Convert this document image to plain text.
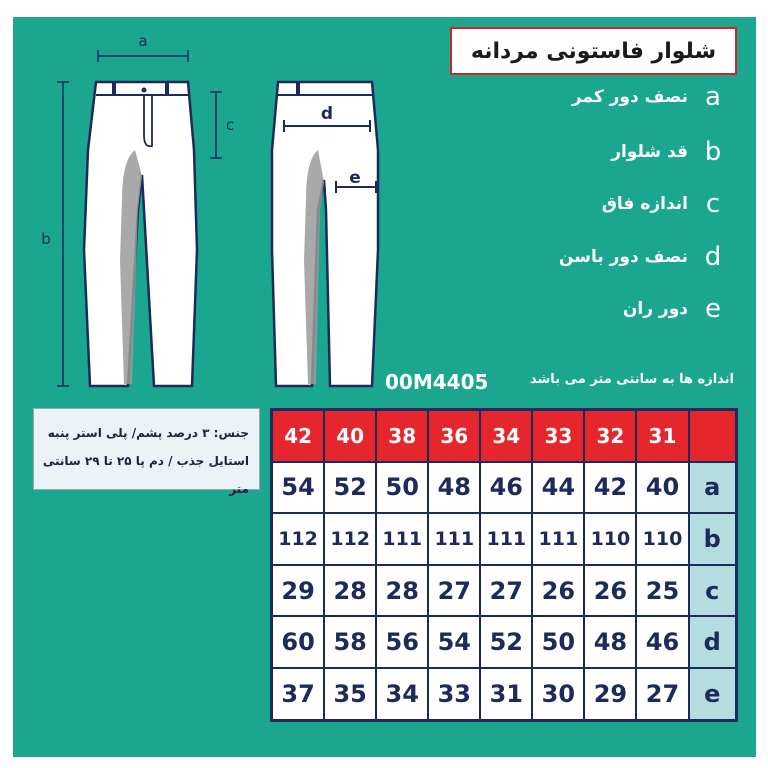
a
b
c
d
e
شلوار فاستونی مردانه
نصف دور کمر a
قد شلوار b
اندازه فاق c
نصف دور باسن d
دور ران e
اندازه ها به سانتی متر می باشد
00M4405
جنس: ۳ درصد پشم/ پلی استر پنبه
استایل جذب / دم پا ۲۵ تا ۲۹ سانتی متر
42	40	38	36	34	33	32	31	
54	52	50	48	46	44	42	40	a
112	112	111	111	111	111	110	110	b
29	28	28	27	27	26	26	25	c
60	58	56	54	52	50	48	46	d
37	35	34	33	31	30	29	27	e
